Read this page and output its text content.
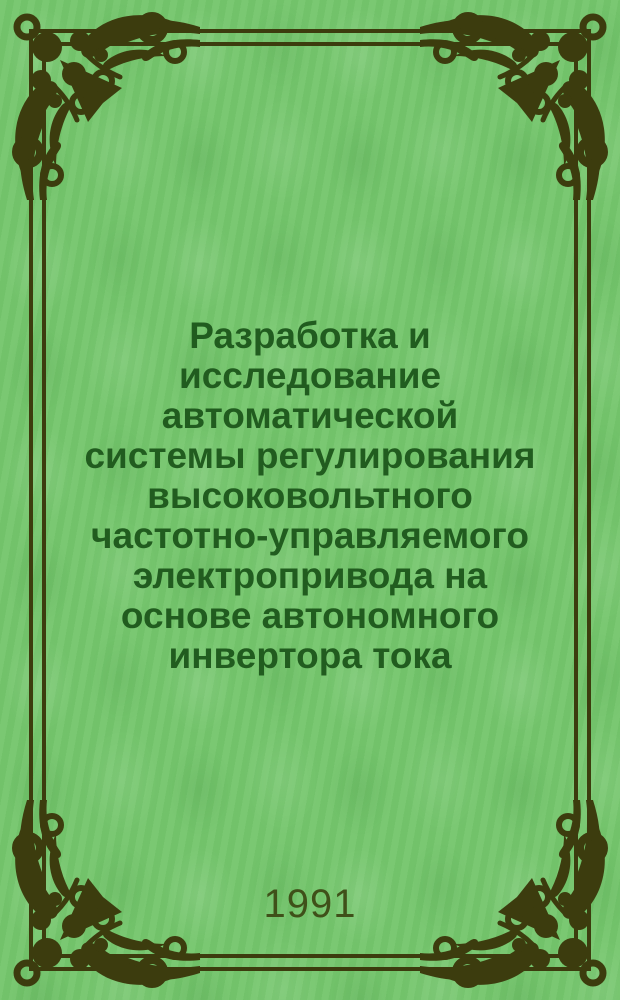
Разработка и
исследование
автоматической
системы регулирования
высоковольтного
частотно-управляемого
электропривода на
основе автономного
инвертора тока
1991
